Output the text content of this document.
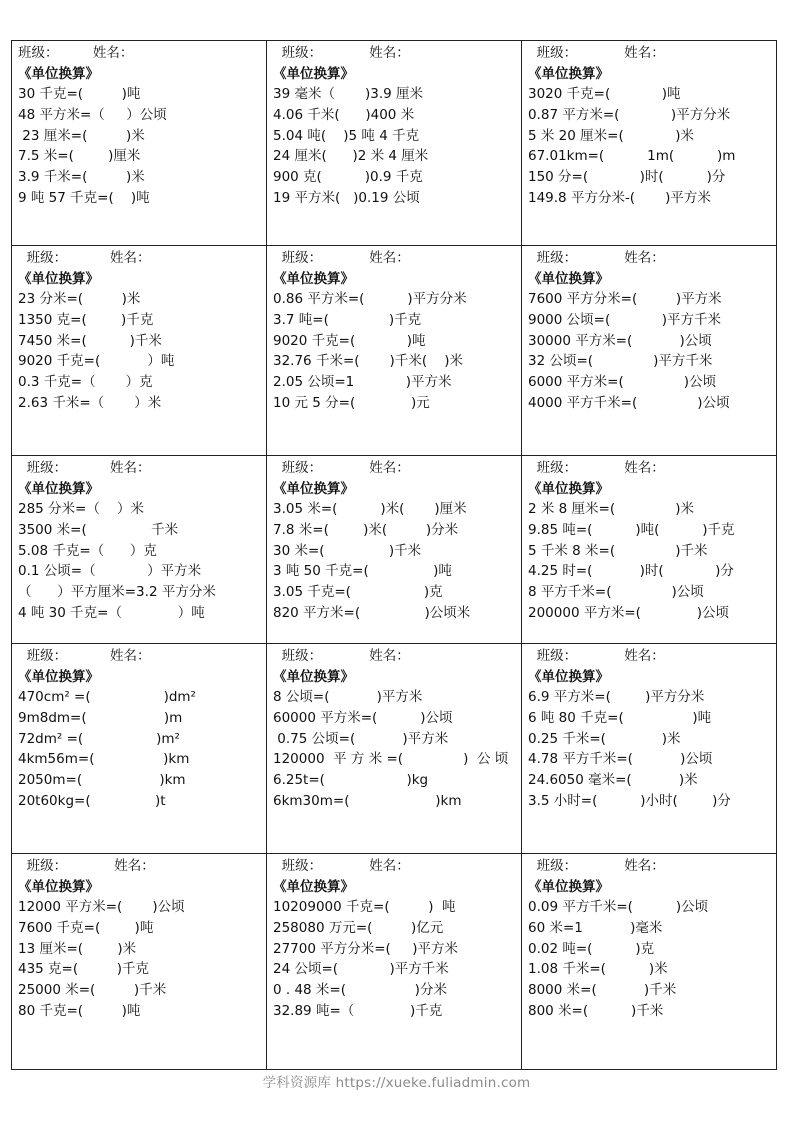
班级：        姓名：
《单位换算》
30 千克=(         )吨
48 平方米=（     ）公顷
23 厘米=(         )米
7.5 米=(        )厘米
3.9 千米=(         )米
9 吨 57 千克=(    )吨
班级：           姓名：
《单位换算》
39 毫米（       )3.9 厘米
4.06 千米(      )400 米
5.04 吨(    )5 吨 4 千克
24 厘米(      )2 米 4 厘米
900 克(          )0.9 千克
19 平方米(   )0.19 公顷
班级：           姓名：
《单位换算》
3020 千克=(            )吨
0.87 平方米=(            )平方分米
5 米 20 厘米=(            )米
67.01km=(          1m(          )m
150 分=(            )时(          )分
149.8 平方分米-(       )平方米
班级：          姓名：
《单位换算》
23 分米=(         )米
1350 克=(        )千克
7450 米=(          )千米
9020 千克=(           ）吨
0.3 千克=（       ）克
2.63 千米=（       ）米
班级：           姓名：
《单位换算》
0.86 平方米=(          )平方分米
3.7 吨=(              )千克
9020 千克=(            )吨
32.76 千米=(       )千米(    )米
2.05 公顷=1            )平方米
10 元 5 分=(             )元
班级：           姓名：
《单位换算》
7600 平方分米=(         )平方米
9000 公顷=(            )平方千米
30000 平方米=(           )公顷
32 公顷=(              )平方千米
6000 平方米=(              )公顷
4000 平方千米=(              )公顷
班级：          姓名：
《单位换算》
285 分米=（    ）米
3500 米=(               千米
5.08 千克=（      ）克
0.1 公顷=（            ）平方米
（      ）平方厘米=3.2 平方分米
4 吨 30 千克=（             ）吨
班级：           姓名：
《单位换算》
3.05 米=(          )米(       )厘米
7.8 米=(        )米(         )分米
30 米=(               )千米
3 吨 50 千克=(               )吨
3.05 千克=(                 )克
820 平方米=(               )公顷米
班级：           姓名：
《单位换算》
2 米 8 厘米=(              )米
9.85 吨=(          )吨(          )千克
5 千米 8 米=(              )千米
4.25 时=(           )时(            )分
8 平方千米=(              )公顷
200000 平方米=(             )公顷
班级：          姓名：
《单位换算》
470cm² =(                 )dm²
9m8dm=(                  )m
72dm² =(                 )m²
4km56m=(                )km
2050m=(                  )km
20t60kg=(               )t
班级：           姓名：
《单位换算》
8 公顷=(           )平方米
60000 平方米=(          )公顷
0.75 公顷=(           )平方米
120000  平 方 米 =(              )  公 顷
6.25t=(                   )kg
6km30m=(                    )km
班级：           姓名：
《单位换算》
6.9 平方米=(        )平方分米
6 吨 80 千克=(                )吨
0.25 千米=(             )米
4.78 平方千米=(           )公顷
24.6050 毫米=(           )米
3.5 小时=(          )小时(        )分
班级：           姓名：
《单位换算》
12000 平方米=(       )公顷
7600 千克=(        )吨
13 厘米=(        )米
435 克=(         )千克
25000 米=(         )千米
80 千克=(         )吨
班级：           姓名：
《单位换算》
10209000 千克=(         )  吨
258080 万元=(         )亿元
27700 平方分米=(     )平方米
24 公顷=(            )平方千米
0 . 48 米=(                )分米
32.89 吨=（             )千克
班级：           姓名：
《单位换算》
0.09 平方千米=(          )公顷
60 米=1           )毫米
0.02 吨=(          )克
1.08 千米=(          )米
8000 米=(           )千米
800 米=(          )千米
学科资源库 https://xueke.fuliadmin.com
